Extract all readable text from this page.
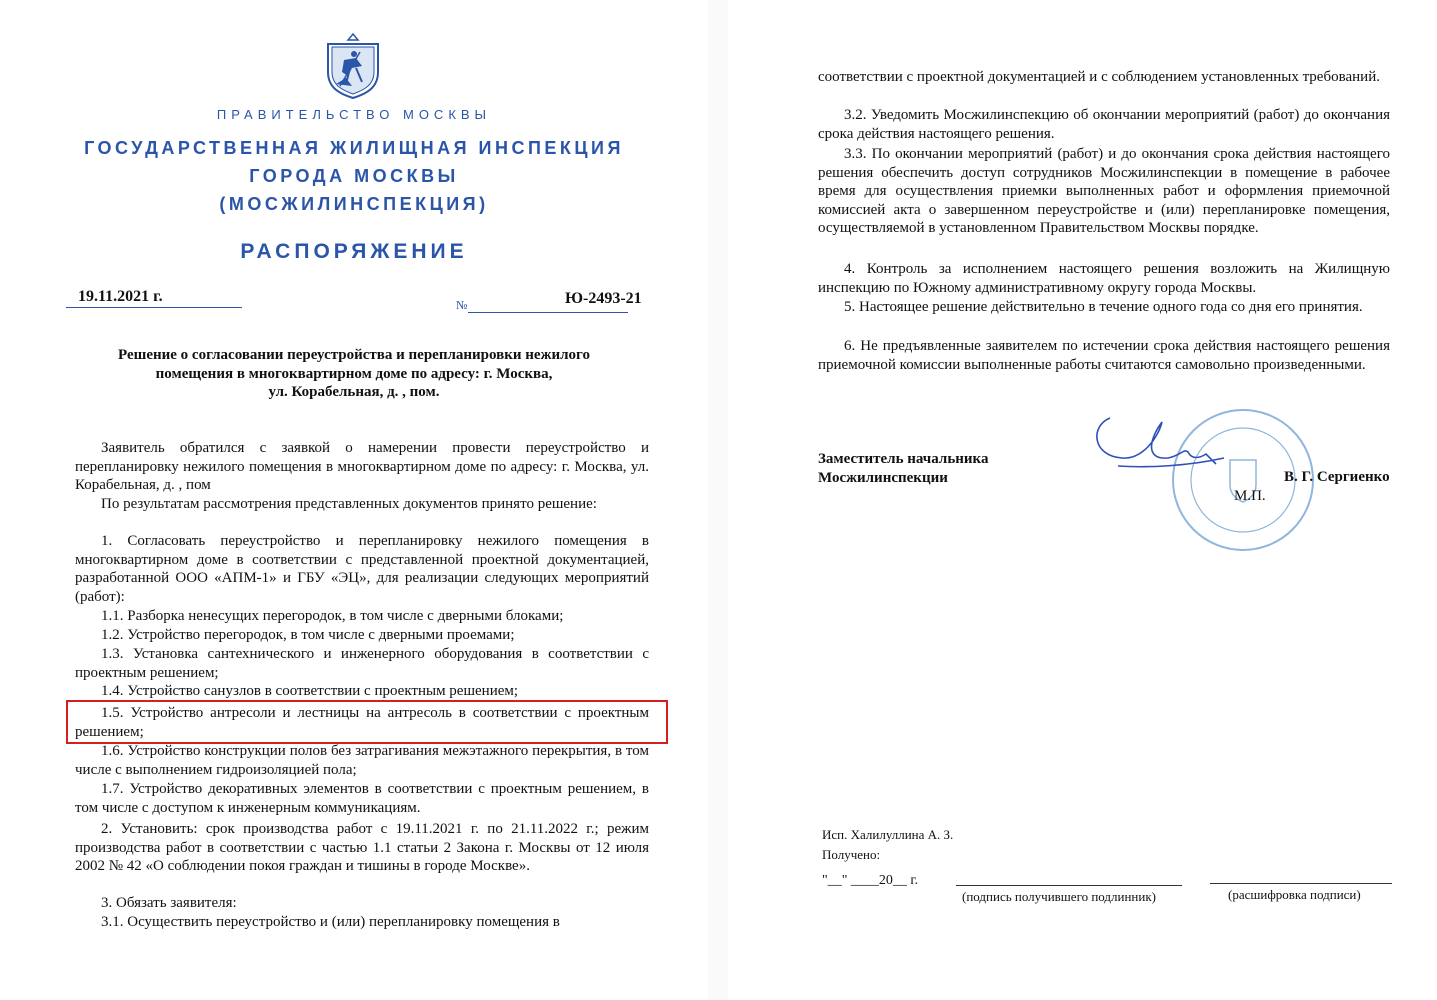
ПРАВИТЕЛЬСТВО МОСКВЫ
ГОСУДАРСТВЕННАЯ ЖИЛИЩНАЯ ИНСПЕКЦИЯ
ГОРОДА МОСКВЫ
(МОСЖИЛИНСПЕКЦИЯ)
РАСПОРЯЖЕНИЕ
19.11.2021 г.	№	Ю-2493-21
Решение о согласовании переустройства и перепланировки нежилого
помещения в многоквартирном доме по адресу: г. Москва,
ул. Корабельная, д. , пом.
Заявитель обратился с заявкой о намерении провести переустройство и перепланировку нежилого помещения в многоквартирном доме по адресу: г. Москва, ул. Корабельная, д. , пом
По результатам рассмотрения представленных документов принято решение:
1. Согласовать переустройство и перепланировку нежилого помещения в многоквартирном доме в соответствии с представленной проектной документацией, разработанной ООО «АПМ-1» и ГБУ «ЭЦ», для реализации следующих мероприятий (работ):
1.1. Разборка ненесущих перегородок, в том числе с дверными блоками;
1.2. Устройство перегородок, в том числе с дверными проемами;
1.3. Установка сантехнического и инженерного оборудования в соответствии с проектным решением;
1.4. Устройство санузлов в соответствии с проектным решением;
1.5. Устройство антресоли и лестницы на антресоль в соответствии с проектным решением;
1.6. Устройство конструкции полов без затрагивания межэтажного перекрытия, в том числе с выполнением гидроизоляцией пола;
1.7. Устройство декоративных элементов в соответствии с проектным решением, в том числе с доступом к инженерным коммуникациям.
2. Установить: срок производства работ с 19.11.2021 г. по 21.11.2022 г.; режим производства работ в соответствии с частью 1.1 статьи 2 Закона г. Москвы от 12 июля 2002 № 42 «О соблюдении покоя граждан и тишины в городе Москве».
3. Обязать заявителя:
3.1. Осуществить переустройство и (или) перепланировку помещения в
соответствии с проектной документацией и с соблюдением установленных требований.
3.2. Уведомить Мосжилинспекцию об окончании мероприятий (работ) до окончания срока действия настоящего решения.
3.3. По окончании мероприятий (работ) и до окончания срока действия настоящего решения обеспечить доступ сотрудников Мосжилинспекции в помещение в рабочее время для осуществления приемки выполненных работ и оформления приемочной комиссией акта о завершенном переустройстве и (или) перепланировке помещения, осуществляемой в установленном Правительством Москвы порядке.
4. Контроль за исполнением настоящего решения возложить на Жилищную инспекцию по Южному административному округу города Москвы.
5. Настоящее решение действительно в течение одного года со дня его принятия.
6. Не предъявленные заявителем по истечении срока действия настоящего решения приемочной комиссии выполненные работы считаются самовольно произведенными.
Заместитель начальника
Мосжилинспекции
М.П.
В. Г. Сергиенко
Исп. Халилуллина А. З.
Получено:
"__" ____20__ г.
(подпись получившего подлинник)	(расшифровка подписи)
